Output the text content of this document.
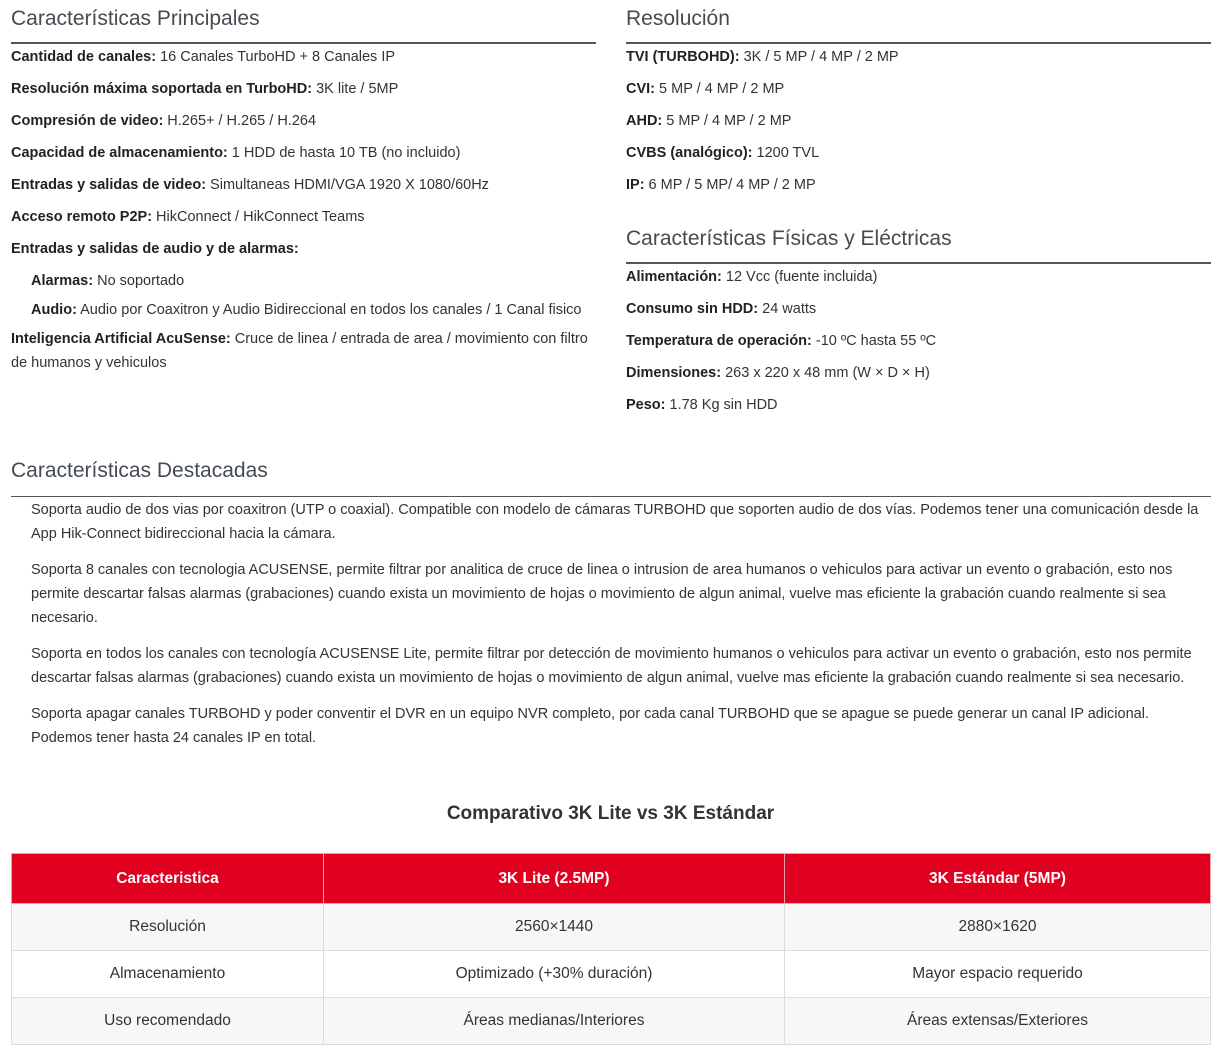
Características Principales
Cantidad de canales: 16 Canales TurboHD + 8 Canales IP
Resolución máxima soportada en TurboHD: 3K lite / 5MP
Compresión de video: H.265+ / H.265 / H.264
Capacidad de almacenamiento: 1 HDD de hasta 10 TB (no incluido)
Entradas y salidas de video: Simultaneas HDMI/VGA 1920 X 1080/60Hz
Acceso remoto P2P: HikConnect / HikConnect Teams
Entradas y salidas de audio y de alarmas:
Alarmas: No soportado
Audio: Audio por Coaxitron y Audio Bidireccional en todos los canales / 1 Canal fisico
Inteligencia Artificial AcuSense: Cruce de linea / entrada de area / movimiento con filtro de humanos y vehiculos
Resolución
TVI (TURBOHD): 3K / 5 MP / 4 MP / 2 MP
CVI: 5 MP / 4 MP / 2 MP
AHD: 5 MP / 4 MP / 2 MP
CVBS (analógico): 1200 TVL
IP: 6 MP / 5 MP/ 4 MP / 2 MP
Características Físicas y Eléctricas
Alimentación: 12 Vcc (fuente incluida)
Consumo sin HDD: 24 watts
Temperatura de operación: -10 ºC hasta 55 ºC
Dimensiones: 263 x 220 x 48 mm (W × D × H)
Peso: 1.78 Kg sin HDD
Características Destacadas

Soporta audio de dos vias por coaxitron (UTP o coaxial). Compatible con modelo de cámaras TURBOHD que soporten audio de dos vías. Podemos tener una comunicación desde la App Hik-Connect bidireccional hacia la cámara.

Soporta 8 canales con tecnologia ACUSENSE, permite filtrar por analitica de cruce de linea o intrusion de area humanos o vehiculos para activar un evento o grabación, esto nos permite descartar falsas alarmas (grabaciones) cuando exista un movimiento de hojas o movimiento de algun animal, vuelve mas eficiente la grabación cuando realmente si sea necesario.

Soporta en todos los canales con tecnología ACUSENSE Lite, permite filtrar por detección de movimiento humanos o vehiculos para activar un evento o grabación, esto nos permite descartar falsas alarmas (grabaciones) cuando exista un movimiento de hojas o movimiento de algun animal, vuelve mas eficiente la grabación cuando realmente si sea necesario.

Soporta apagar canales TURBOHD y poder conventir el DVR en un equipo NVR completo, por cada canal TURBOHD que se apague se puede generar un canal IP adicional. Podemos tener hasta 24 canales IP en total.

Comparativo 3K Lite vs 3K Estándar
Caracteristica	3K Lite (2.5MP)	3K Estándar (5MP)
Resolución	2560×1440	2880×1620
Almacenamiento	Optimizado (+30% duración)	Mayor espacio requerido
Uso recomendado	Áreas medianas/Interiores	Áreas extensas/Exteriores
